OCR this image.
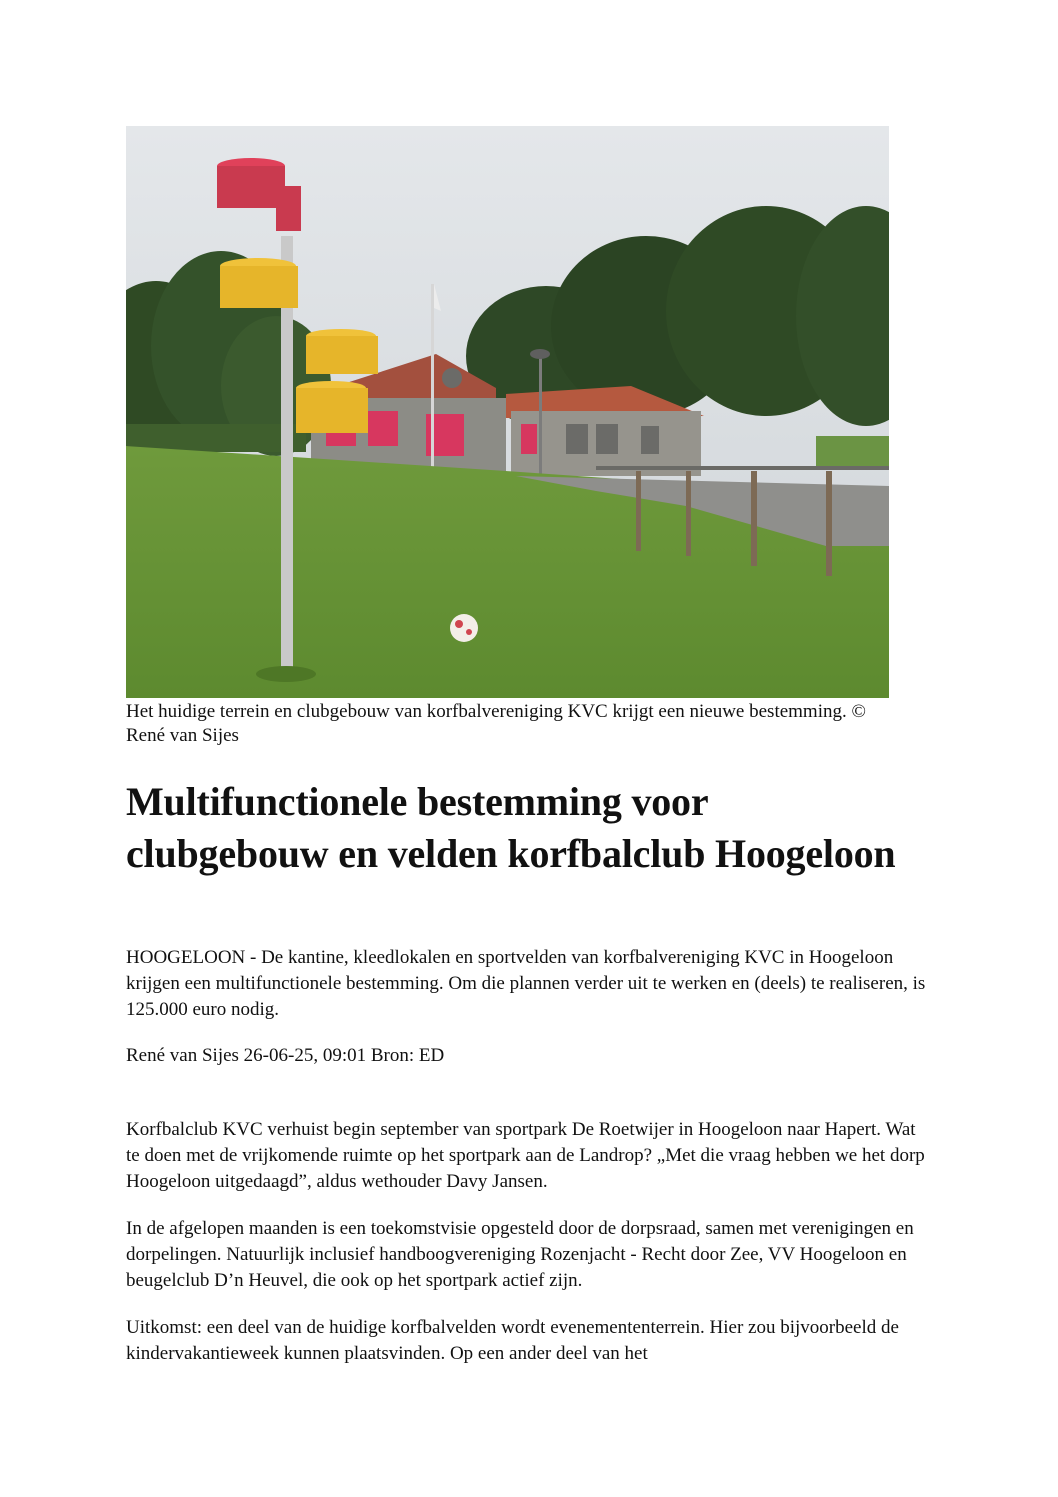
Het huidige terrein en clubgebouw van korfbalvereniging KVC krijgt een nieuwe bestemming. © René van Sijes
Multifunctionele bestemming voor clubgebouw en velden korfbalclub Hoogeloon

HOOGELOON - De kantine, kleedlokalen en sportvelden van korfbalvereniging KVC in Hoogeloon krijgen een multifunctionele bestemming. Om die plannen verder uit te werken en (deels) te realiseren, is 125.000 euro nodig.

René van Sijes 26-06-25, 09:01 Bron: ED

Korfbalclub KVC verhuist begin september van sportpark De Roetwijer in Hoogeloon naar Hapert. Wat te doen met de vrijkomende ruimte op het sportpark aan de Landrop? „Met die vraag hebben we het dorp Hoogeloon uitgedaagd”, aldus wethouder Davy Jansen.

In de afgelopen maanden is een toekomstvisie opgesteld door de dorpsraad, samen met verenigingen en dorpelingen. Natuurlijk inclusief handboogvereniging Rozenjacht - Recht door Zee, VV Hoogeloon en beugelclub D’n Heuvel, die ook op het sportpark actief zijn.

Uitkomst: een deel van de huidige korfbalvelden wordt evenemententerrein. Hier zou bijvoorbeeld de kindervakantieweek kunnen plaatsvinden. Op een ander deel van het
